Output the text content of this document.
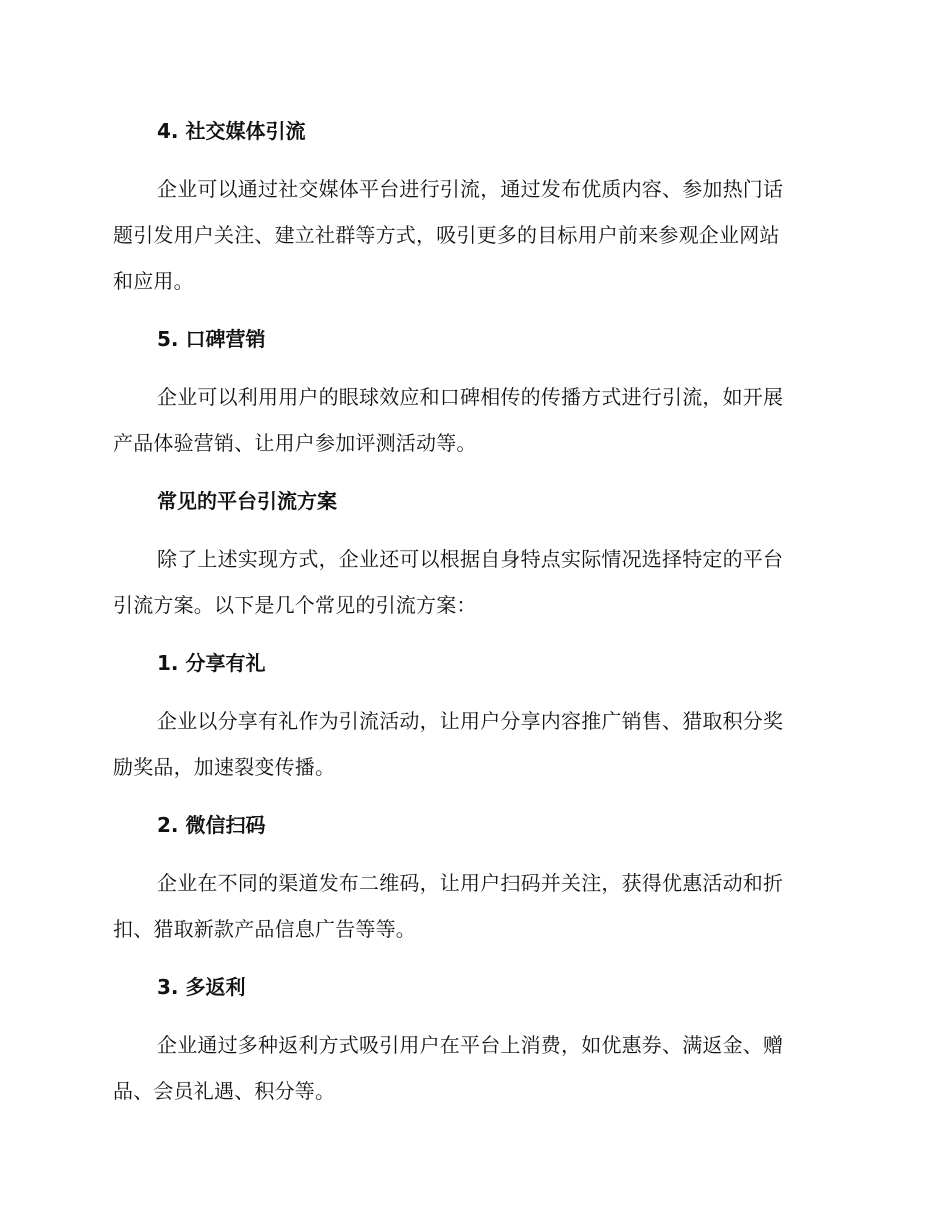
4. 社交媒体引流
企业可以通过社交媒体平台进行引流，通过发布优质内容、参加热门话
题引发用户关注、建立社群等方式，吸引更多的目标用户前来参观企业网站
和应用。
5. 口碑营销
企业可以利用用户的眼球效应和口碑相传的传播方式进行引流，如开展
产品体验营销、让用户参加评测活动等。
常见的平台引流方案
除了上述实现方式，企业还可以根据自身特点实际情况选择特定的平台
引流方案。以下是几个常见的引流方案：
1. 分享有礼
企业以分享有礼作为引流活动，让用户分享内容推广销售、猎取积分奖
励奖品，加速裂变传播。
2. 微信扫码
企业在不同的渠道发布二维码，让用户扫码并关注，获得优惠活动和折
扣、猎取新款产品信息广告等等。
3. 多返利
企业通过多种返利方式吸引用户在平台上消费，如优惠券、满返金、赠
品、会员礼遇、积分等。
